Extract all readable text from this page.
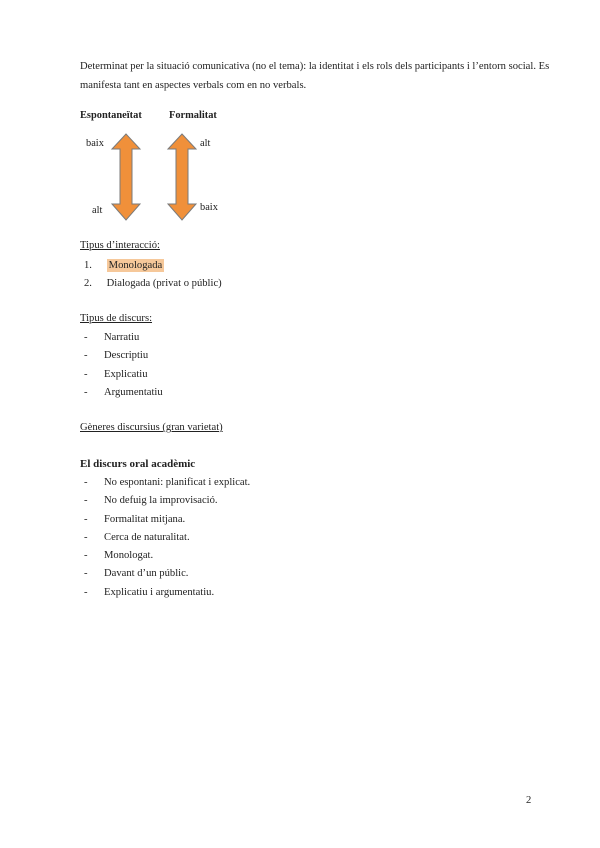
Determinat per la situació comunicativa (no el tema): la identitat i els rols dels participants i l’entorn social. Es manifesta tant en aspectes verbals com en no verbals.

Espontaneïtat	Formalitat
baix
alt
alt
baix
Tipus d’interacció:
1. Monologada
2. Dialogada (privat o públic)
Tipus de discurs:
- Narratiu
- Descriptiu
- Explicatiu
- Argumentatiu
Gèneres discursius (gran varietat)
El discurs oral acadèmic
- No espontani: planificat i explicat.
- No defuig la improvisació.
- Formalitat mitjana.
- Cerca de naturalitat.
- Monologat.
- Davant d’un públic.
- Explicatiu i argumentatiu.
2
